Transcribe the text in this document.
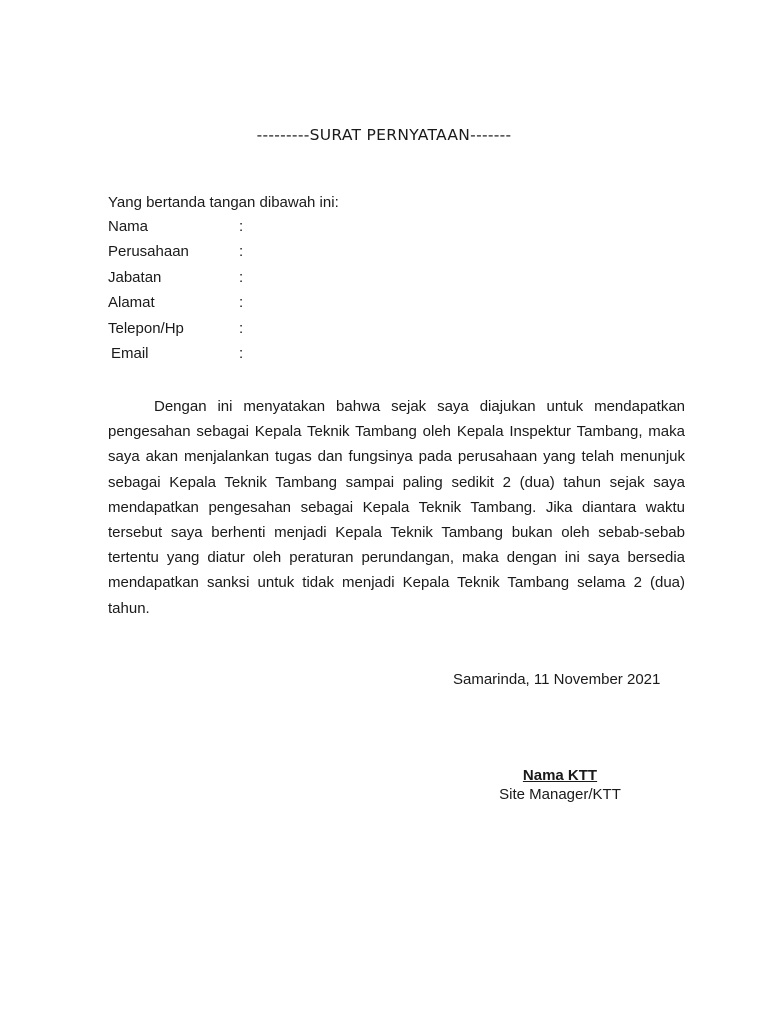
---------SURAT PERNYATAAN-------
Yang bertanda tangan dibawah ini:
Nama	:
Perusahaan	:
Jabatan	:
Alamat	:
Telepon/Hp	:
Email	:

Dengan ini menyatakan bahwa sejak saya diajukan untuk mendapatkan pengesahan sebagai Kepala Teknik Tambang oleh Kepala Inspektur Tambang, maka saya akan menjalankan tugas dan fungsinya pada perusahaan yang telah menunjuk sebagai Kepala Teknik Tambang sampai paling sedikit 2 (dua) tahun sejak saya mendapatkan pengesahan sebagai Kepala Teknik Tambang. Jika diantara waktu tersebut saya berhenti menjadi Kepala Teknik Tambang bukan oleh sebab-sebab tertentu yang diatur oleh peraturan perundangan, maka dengan ini saya bersedia mendapatkan sanksi untuk tidak menjadi Kepala Teknik Tambang selama 2 (dua) tahun.

Samarinda, 11 November 2021
Nama KTT
Site Manager/KTT
